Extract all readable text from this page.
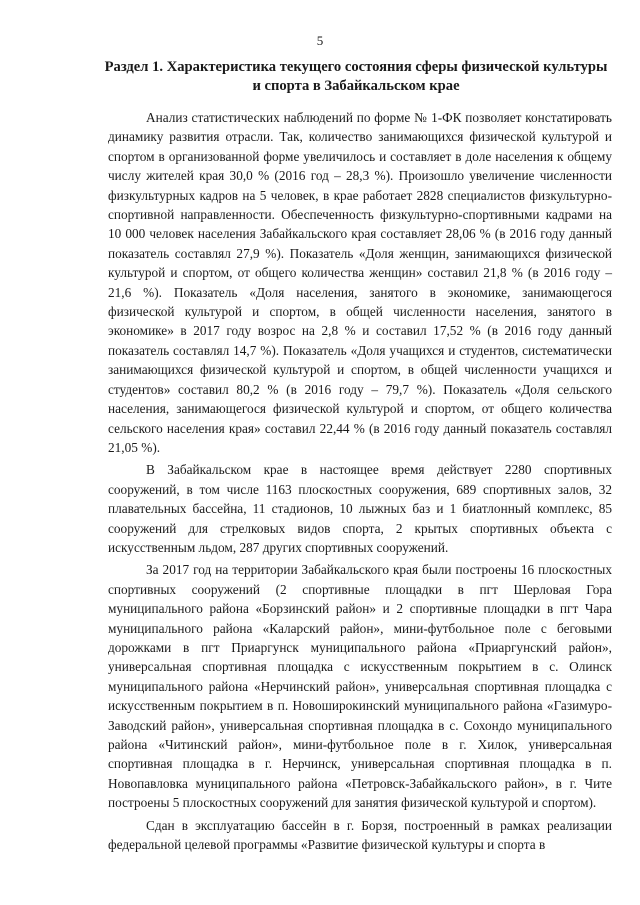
5
Раздел 1. Характеристика текущего состояния сферы физической культуры и спорта в Забайкальском крае

Анализ статистических наблюдений по форме № 1-ФК позволяет констатировать динамику развития отрасли. Так, количество занимающихся физической культурой и спортом в организованной форме увеличилось и составляет в доле населения к общему числу жителей края 30,0 % (2016 год – 28,3 %). Произошло увеличение численности физкультурных кадров на 5 человек, в крае работает 2828 специалистов физкультурно-спортивной направленности. Обеспеченность физкультурно-спортивными кадрами на 10 000 человек населения Забайкальского края составляет 28,06 % (в 2016 году данный показатель составлял 27,9 %). Показатель «Доля женщин, занимающихся физической культурой и спортом, от общего количества женщин» составил 21,8 % (в 2016 году – 21,6 %). Показатель «Доля населения, занятого в экономике, занимающегося физической культурой и спортом, в общей численности населения, занятого в экономике» в 2017 году возрос на 2,8 % и составил 17,52 % (в 2016 году данный показатель составлял 14,7 %). Показатель «Доля учащихся и студентов, систематически занимающихся физической культурой и спортом, в общей численности учащихся и студентов» составил 80,2 % (в 2016 году – 79,7 %). Показатель «Доля сельского населения, занимающегося физической культурой и спортом, от общего количества сельского населения края» составил 22,44 % (в 2016 году данный показатель составлял 21,05 %).

В Забайкальском крае в настоящее время действует 2280 спортивных сооружений, в том числе 1163 плоскостных сооружения, 689 спортивных залов, 32 плавательных бассейна, 11 стадионов, 10 лыжных баз и 1 биатлонный комплекс, 85 сооружений для стрелковых видов спорта, 2 крытых спортивных объекта с искусственным льдом, 287 других спортивных сооружений.

За 2017 год на территории Забайкальского края были построены 16 плоскостных спортивных сооружений (2 спортивные площадки в пгт Шерловая Гора муниципального района «Борзинский район» и 2 спортивные площадки в пгт Чара муниципального района «Каларский район», мини-футбольное поле с беговыми дорожками в пгт Приаргунск муниципального района «Приаргунский район», универсальная спортивная площадка с искусственным покрытием в с. Олинск муниципального района «Нерчинский район», универсальная спортивная площадка с искусственным покрытием в п. Новоширокинский муниципального района «Газимуро-Заводский район», универсальная спортивная площадка в с. Сохондо муниципального района «Читинский район», мини-футбольное поле в г. Хилок, универсальная спортивная площадка в г. Нерчинск, универсальная спортивная площадка в п. Новопавловка муниципального района «Петровск-Забайкальского район», в г. Чите построены 5 плоскостных сооружений для занятия физической культурой и спортом).

Сдан в эксплуатацию бассейн в г. Борзя, построенный в рамках реализации федеральной целевой программы «Развитие физической культуры и спорта в
